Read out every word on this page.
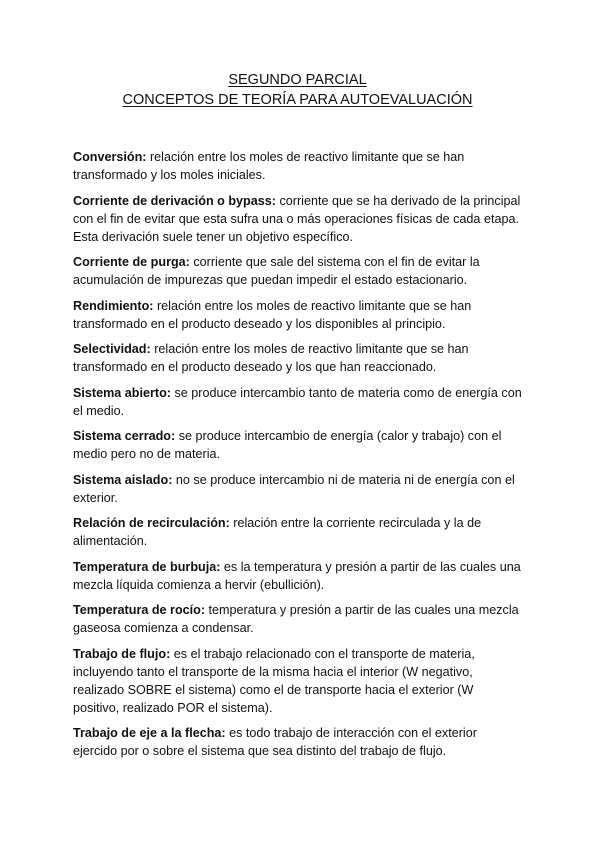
SEGUNDO PARCIAL
CONCEPTOS DE TEORÍA PARA AUTOEVALUACIÓN

Conversión: relación entre los moles de reactivo limitante que se han transformado y los moles iniciales.

Corriente de derivación o bypass: corriente que se ha derivado de la principal con el fin de evitar que esta sufra una o más operaciones físicas de cada etapa. Esta derivación suele tener un objetivo específico.

Corriente de purga: corriente que sale del sistema con el fin de evitar la acumulación de impurezas que puedan impedir el estado estacionario.

Rendimiento: relación entre los moles de reactivo limitante que se han transformado en el producto deseado y los disponibles al principio.

Selectividad: relación entre los moles de reactivo limitante que se han transformado en el producto deseado y los que han reaccionado.

Sistema abierto: se produce intercambio tanto de materia como de energía con el medio.

Sistema cerrado: se produce intercambio de energía (calor y trabajo) con el medio pero no de materia.

Sistema aislado: no se produce intercambio ni de materia ni de energía con el exterior.

Relación de recirculación: relación entre la corriente recirculada y la de alimentación.

Temperatura de burbuja: es la temperatura y presión a partir de las cuales una mezcla líquida comienza a hervir (ebullición).

Temperatura de rocío: temperatura y presión a partir de las cuales una mezcla gaseosa comienza a condensar.

Trabajo de flujo: es el trabajo relacionado con el transporte de materia, incluyendo tanto el transporte de la misma hacia el interior (W negativo, realizado SOBRE el sistema) como el de transporte hacia el exterior (W positivo, realizado POR el sistema).

Trabajo de eje a la flecha: es todo trabajo de interacción con el exterior ejercido por o sobre el sistema que sea distinto del trabajo de flujo.
